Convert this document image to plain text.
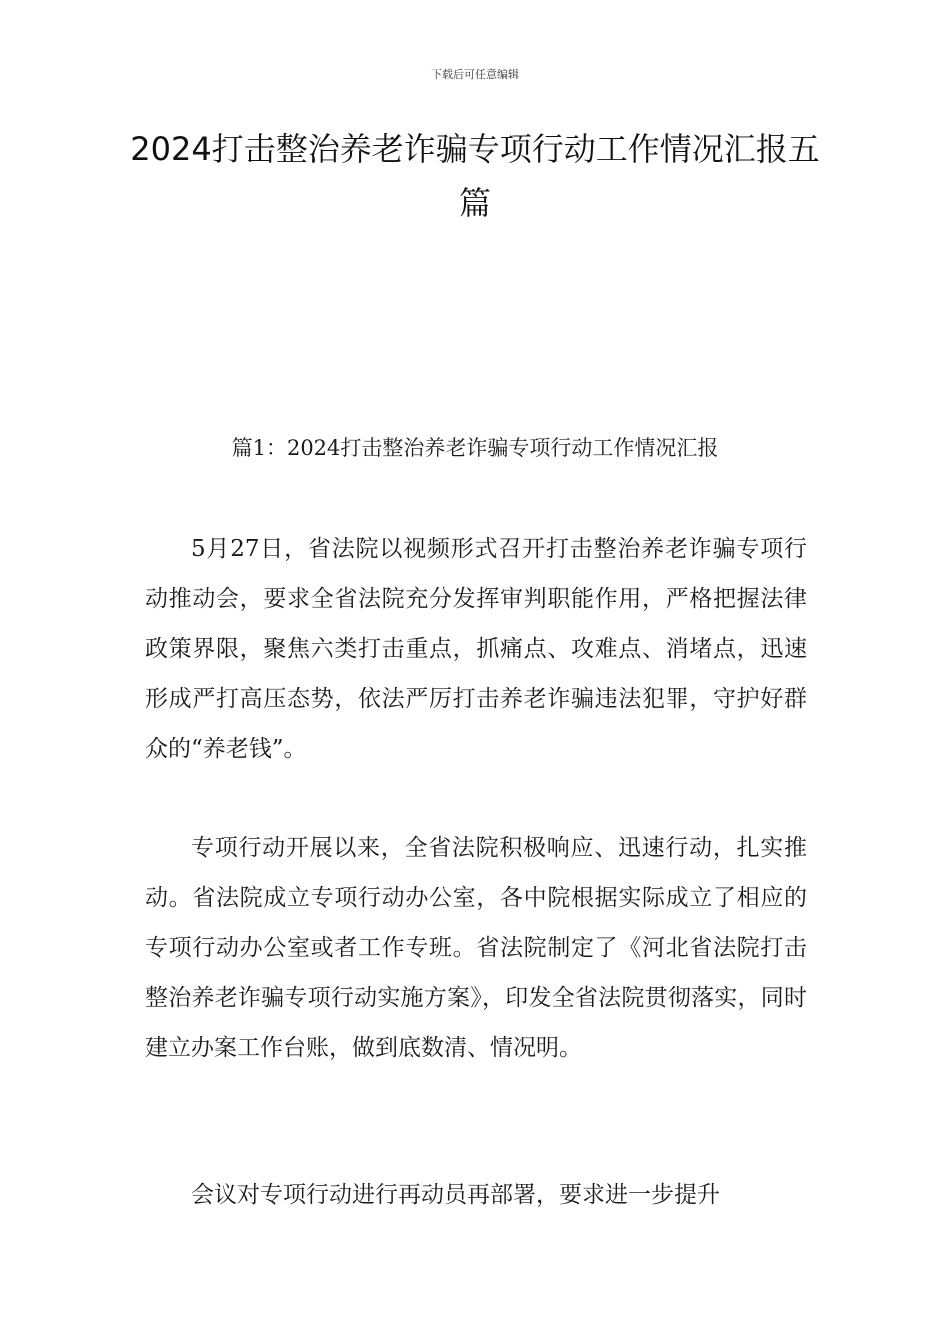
下载后可任意编辑
2024打击整治养老诈骗专项行动工作情况汇报五篇
篇1：2024打击整治养老诈骗专项行动工作情况汇报

5月27日，省法院以视频形式召开打击整治养老诈骗专项行动推动会，要求全省法院充分发挥审判职能作用，严格把握法律政策界限，聚焦六类打击重点，抓痛点、攻难点、消堵点，迅速形成严打高压态势，依法严厉打击养老诈骗违法犯罪，守护好群众的“养老钱”。

专项行动开展以来，全省法院积极响应、迅速行动，扎实推动。省法院成立专项行动办公室，各中院根据实际成立了相应的专项行动办公室或者工作专班。省法院制定了《河北省法院打击整治养老诈骗专项行动实施方案》，印发全省法院贯彻落实，同时建立办案工作台账，做到底数清、情况明。

会议对专项行动进行再动员再部署，要求进一步提升
